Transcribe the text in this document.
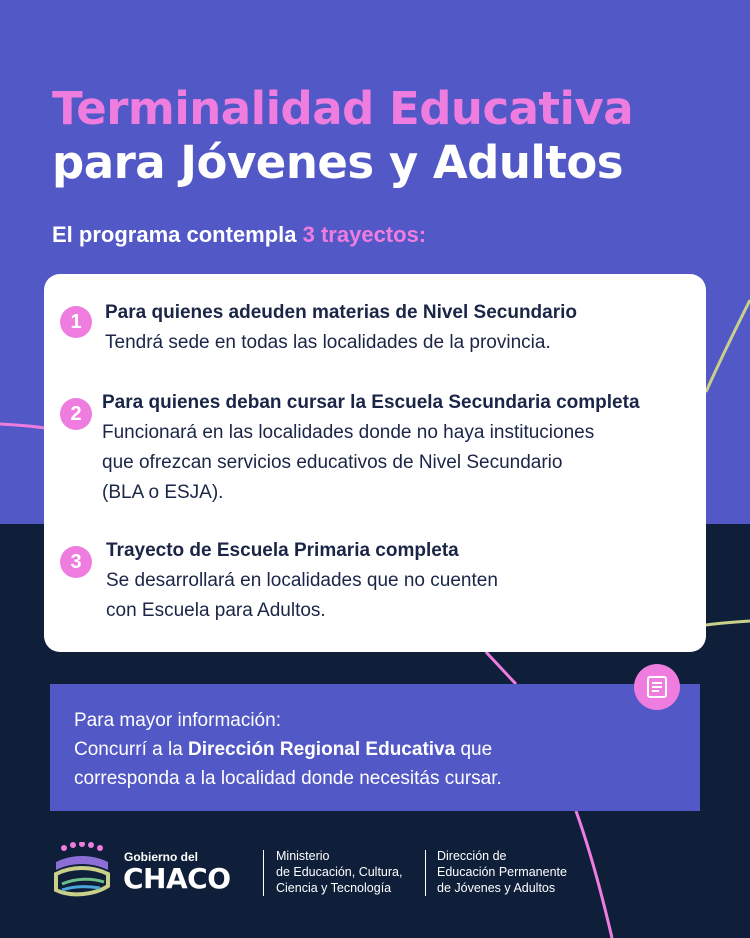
Terminalidad Educativa
para Jóvenes y Adultos
El programa contempla 3 trayectos:
1	Para quienes adeuden materias de Nivel Secundario
Tendrá sede en todas las localidades de la provincia.
2
Para quienes deban cursar la Escuela Secundaria completa
Funcionará en las localidades donde no haya instituciones
que ofrezcan servicios educativos de Nivel Secundario
(BLA o ESJA).
3
Trayecto de Escuela Primaria completa
Se desarrollará en localidades que no cuenten
con Escuela para Adultos.
Para mayor información:
Concurrí a la Dirección Regional Educativa que
corresponda a la localidad donde necesitás cursar.
Gobierno del
CHACO
Ministerio
de Educación, Cultura,
Ciencia y Tecnología
Dirección de
Educación Permanente
de Jóvenes y Adultos
